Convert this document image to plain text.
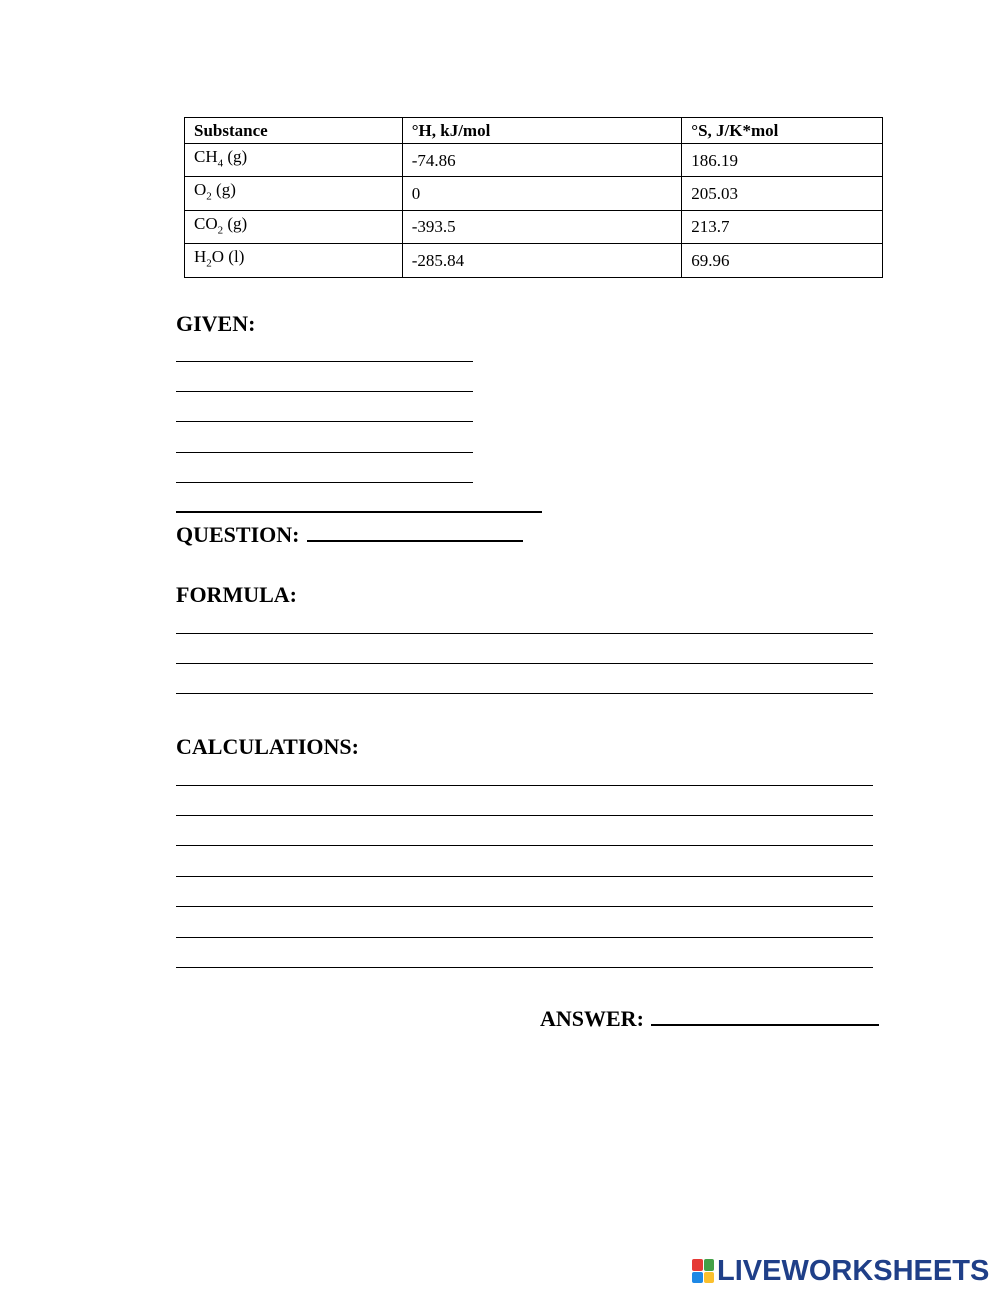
Substance	°H, kJ/mol	°S, J/K*mol
$CH_4$ (g)	-74.86	186.19
$O_2$ (g)	0	205.03
$CO_2$ (g)	-393.5	213.7
$H_2O$ (l)	-285.84	69.96
GIVEN:
QUESTION:
FORMULA:
CALCULATIONS:
ANSWER:
LIVEWORKSHEETS
